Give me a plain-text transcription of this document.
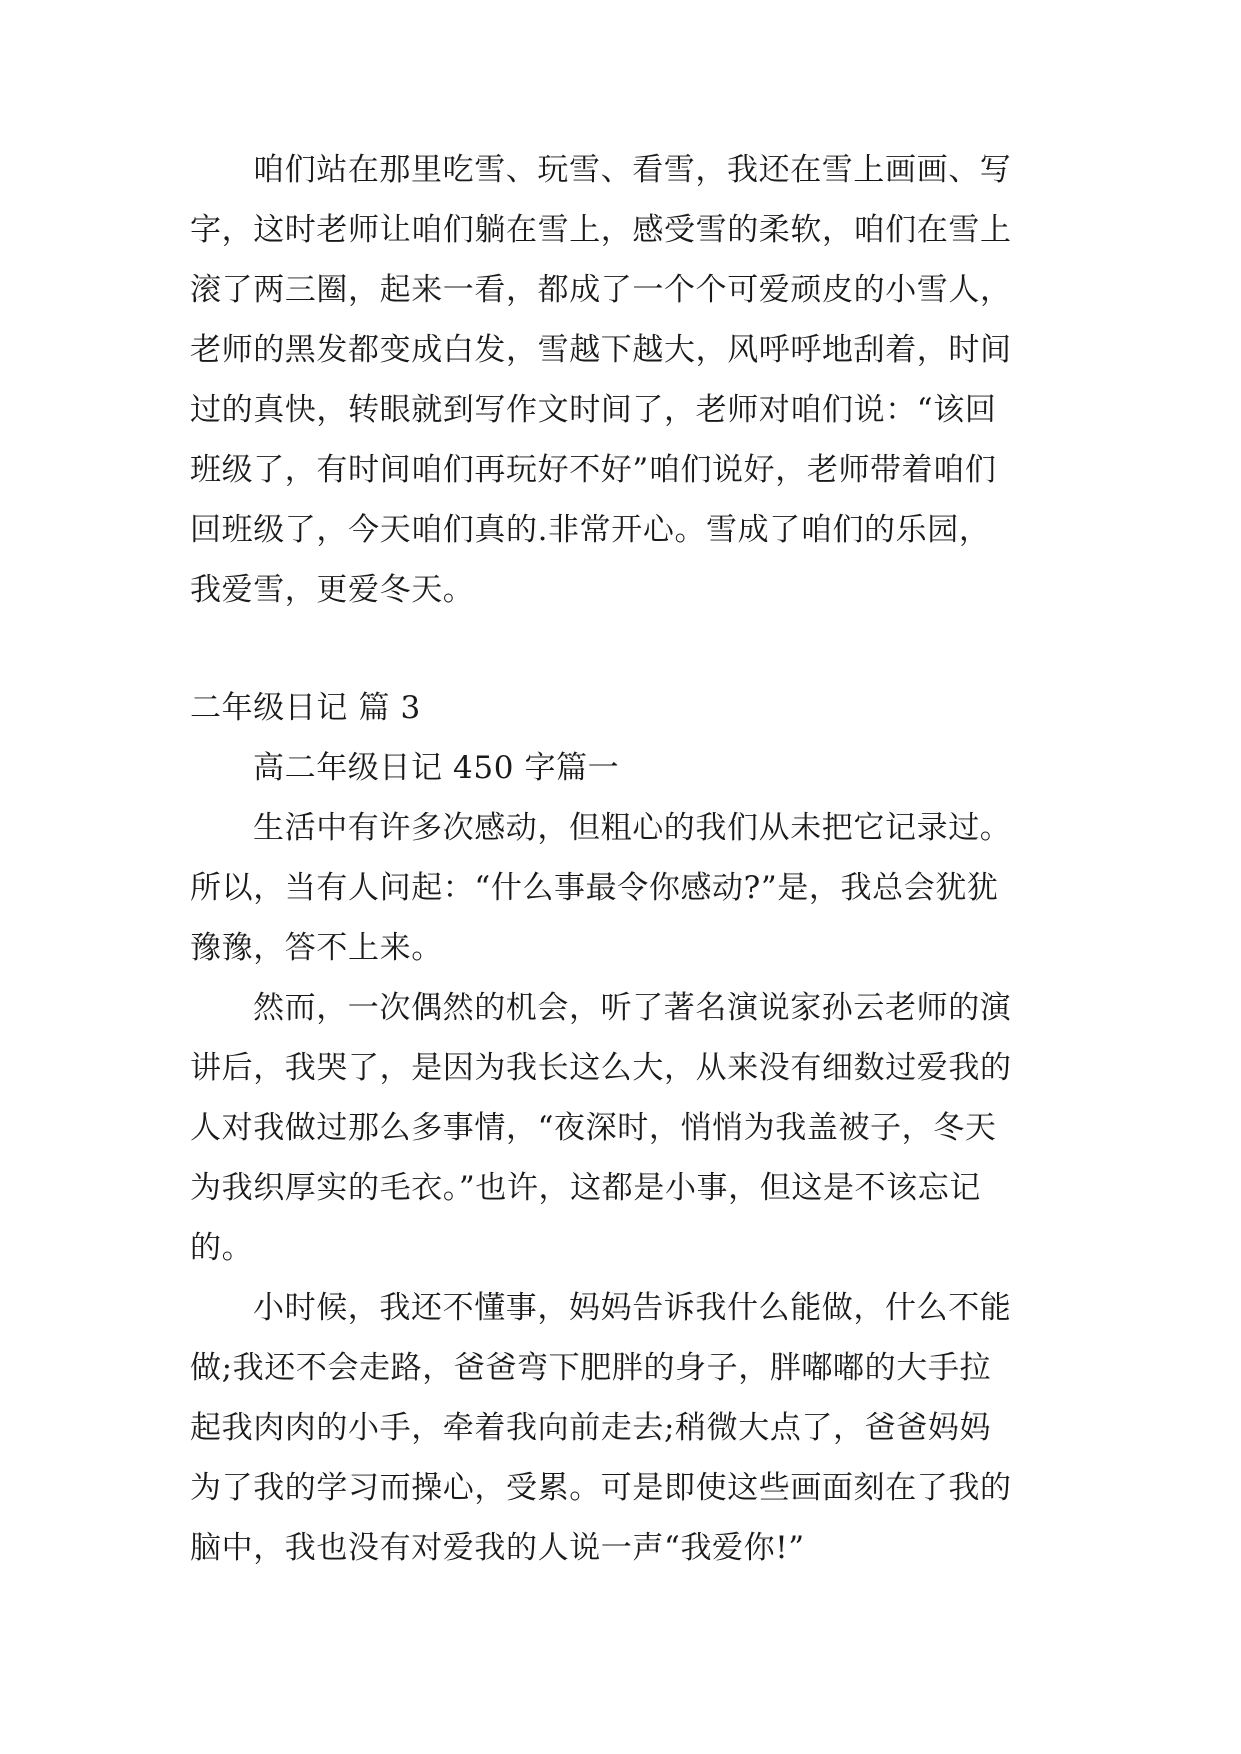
咱们站在那里吃雪、玩雪、看雪，我还在雪上画画、写

字，这时老师让咱们躺在雪上，感受雪的柔软，咱们在雪上

滚了两三圈，起来一看，都成了一个个可爱顽皮的小雪人，

老师的黑发都变成白发，雪越下越大，风呼呼地刮着，时间

过的真快，转眼就到写作文时间了，老师对咱们说：“该回

班级了，有时间咱们再玩好不好”咱们说好，老师带着咱们

回班级了，今天咱们真的.非常开心。雪成了咱们的乐园，

我爱雪，更爱冬天。

二年级日记 篇 3

高二年级日记 450 字篇一

生活中有许多次感动，但粗心的我们从未把它记录过。

所以，当有人问起：“什么事最令你感动?”是，我总会犹犹

豫豫，答不上来。

然而，一次偶然的机会，听了著名演说家孙云老师的演

讲后，我哭了，是因为我长这么大，从来没有细数过爱我的

人对我做过那么多事情，“夜深时，悄悄为我盖被子，冬天

为我织厚实的毛衣。”也许，这都是小事，但这是不该忘记

的。

小时候，我还不懂事，妈妈告诉我什么能做，什么不能

做;我还不会走路，爸爸弯下肥胖的身子，胖嘟嘟的大手拉

起我肉肉的小手，牵着我向前走去;稍微大点了，爸爸妈妈

为了我的学习而操心，受累。可是即使这些画面刻在了我的

脑中，我也没有对爱我的人说一声“我爱你!”
